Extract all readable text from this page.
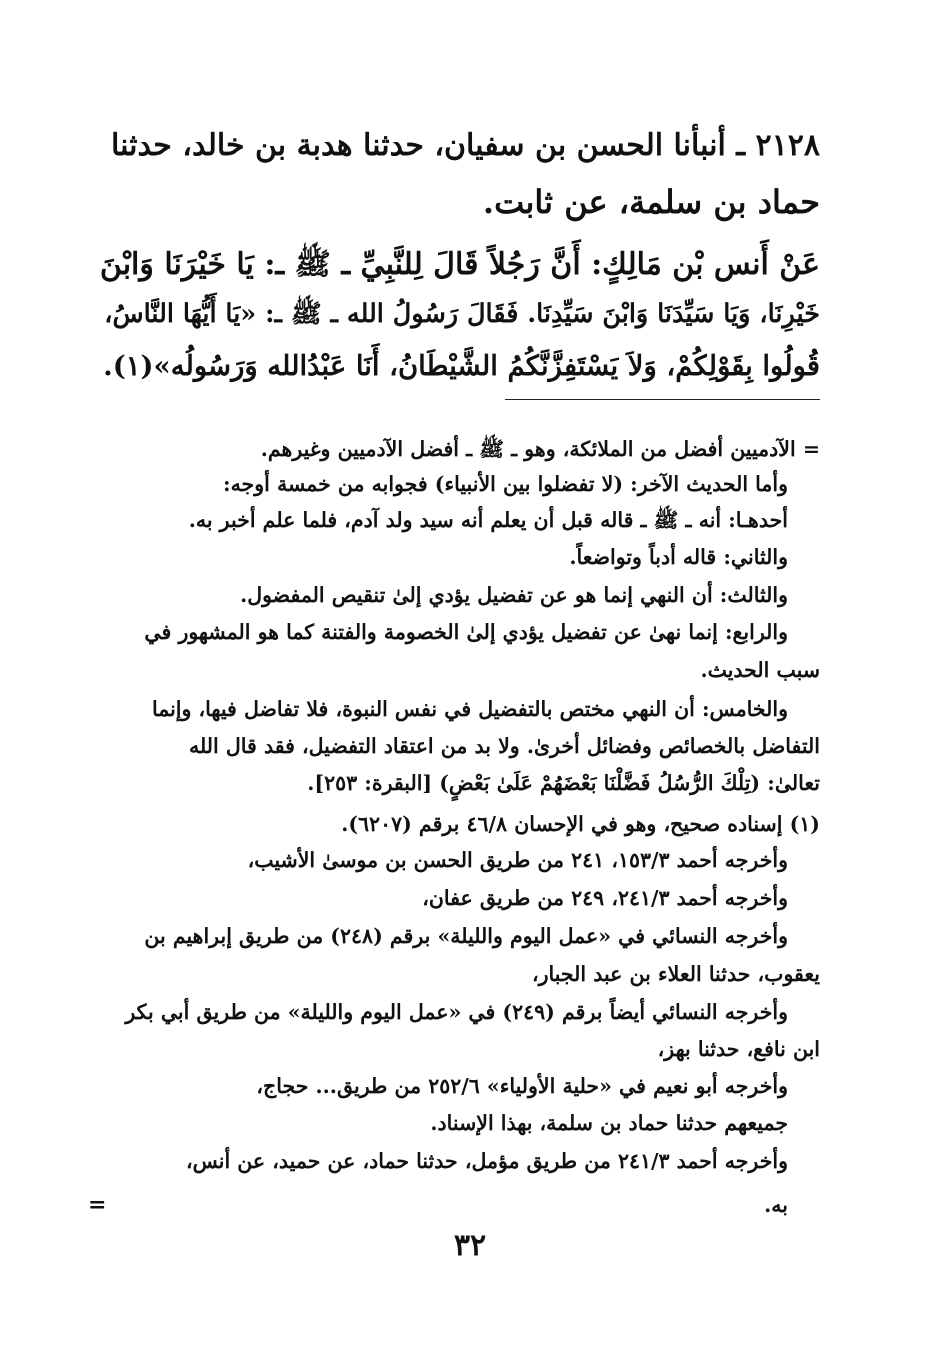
٢١٢٨ ـ أنبأنا الحسن بن سفيان، حدثنا هدبة بن خالد، حدثنا

حماد بن سلمة، عن ثابت.

عَنْ أَنس بْن مَالِكٍ: أَنَّ رَجُلاً قَالَ لِلنَّبِيِّ ـ ﷺ ـ: يَا خَيْرَنَا وَابْنَ

خَيْرِنَا، وَيَا سَيِّدَنَا وَابْنَ سَيِّدِنَا. فَقَالَ رَسُولُ الله ـ ﷺ ـ: «يَا أَيُّهَا النَّاسُ،

قُولُوا بِقَوْلِكُمْ، وَلاَ يَسْتَفِزَّنَّكُمُ الشَّيْطَانُ، أَنَا عَبْدُالله وَرَسُولُه»(١).

= الآدميين أفضل من الملائكة، وهو ـ ﷺ ـ أفضل الآدميين وغيرهم.

وأما الحديث الآخر: (لا تفضلوا بين الأنبياء) فجوابه من خمسة أوجه:

أحدهـا: أنه ـ ﷺ ـ قاله قبل أن يعلم أنه سيد ولد آدم، فلما علم أخبر به.

والثاني: قاله أدباً وتواضعاً.

والثالث: أن النهي إنما هو عن تفضيل يؤدي إلىٰ تنقيص المفضول.

والرابع: إنما نهىٰ عن تفضيل يؤدي إلىٰ الخصومة والفتنة كما هو المشهور في

سبب الحديث.

والخامس: أن النهي مختص بالتفضيل في نفس النبوة، فلا تفاضل فيها، وإنما

التفاضل بالخصائص وفضائل أخرىٰ. ولا بد من اعتقاد التفضيل، فقد قال الله

تعالىٰ: (تِلْكَ الرُّسُلُ فَضَّلْنَا بَعْضَهُمْ عَلَىٰ بَعْضٍ) [البقرة: ٢٥٣].

(١) إسناده صحيح، وهو في الإحسان ٤٦/٨ برقم (٦٢٠٧).

وأخرجه أحمد ١٥٣/٣، ٢٤١ من طريق الحسن بن موسىٰ الأشيب،

وأخرجه أحمد ٢٤١/٣، ٢٤٩ من طريق عفان،

وأخرجه النسائي في «عمل اليوم والليلة» برقم (٢٤٨) من طريق إبراهيم بن

يعقوب، حدثنا العلاء بن عبد الجبار،

وأخرجه النسائي أيضاً برقم (٢٤٩) في «عمل اليوم والليلة» من طريق أبي بكر

ابن نافع، حدثنا بهز،

وأخرجه أبو نعيم في «حلية الأولياء» ٢٥٢/٦ من طريق... حجاج،

جميعهم حدثنا حماد بن سلمة، بهذا الإسناد.

وأخرجه أحمد ٢٤١/٣ من طريق مؤمل، حدثنا حماد، عن حميد، عن أنس،

به.

=
٣٢
